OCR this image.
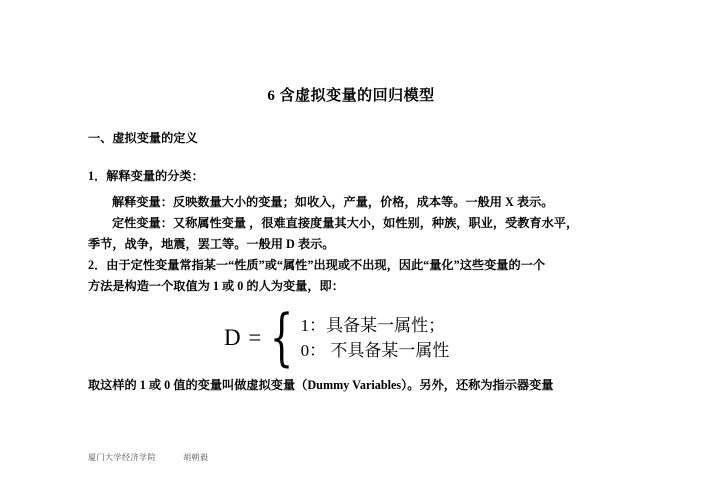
6 含虚拟变量的回归模型

一、虚拟变量的定义

1．解释变量的分类：

解释变量：反映数量大小的变量；如收入，产量，价格，成本等。一般用 X 表示。

定性变量：又称属性变量 ，很难直接度量其大小，如性别，种族，职业，受教育水平，

季节，战争，地震，罢工等。一般用 D 表示。

2．由于定性变量常指某一“性质”或“属性”出现或不出现，因此“量化”这些变量的一个

方法是构造一个取值为 1 或 0 的人为变量，即：

D = { 1：具备某一属性；
0： 不具备某一属性

取这样的 1 或 0 值的变量叫做虚拟变量（Dummy Variables）。另外，还称为指示器变量

厦门大学经济学院	胡朝毅
